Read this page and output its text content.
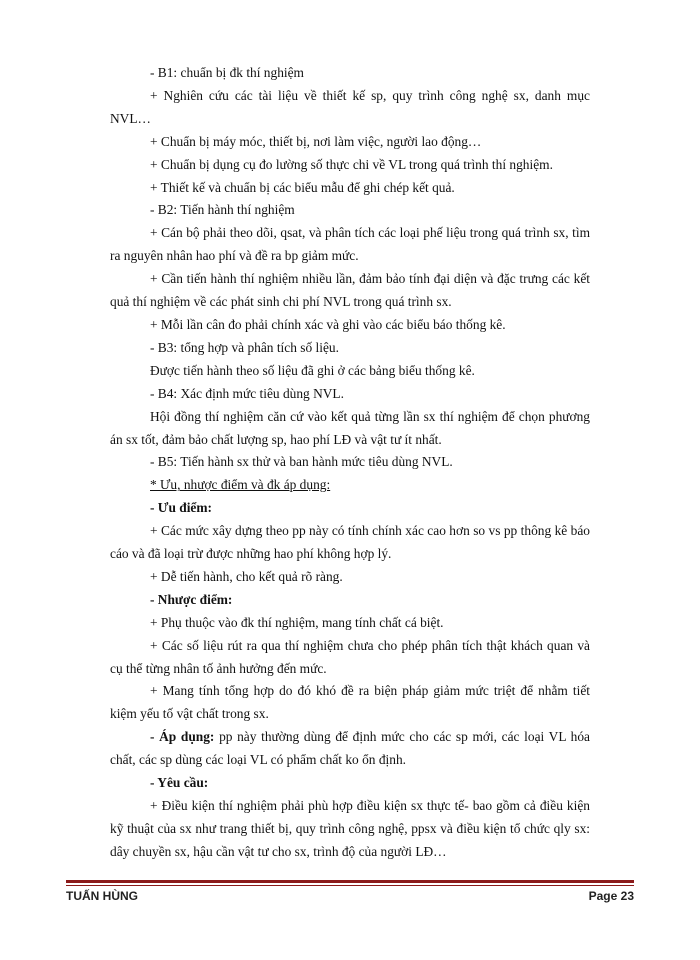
- B1: chuẩn bị đk thí nghiệm

+ Nghiên cứu các tài liệu về thiết kế sp, quy trình công nghệ sx, danh mục NVL…

+ Chuẩn bị máy móc, thiết bị, nơi làm việc, người lao động…

+ Chuẩn bị dụng cụ đo lường số thực chi về VL trong quá trình thí nghiệm.

+ Thiết kế và chuẩn bị các biểu mẫu để ghi chép kết quả.

- B2: Tiến hành thí nghiệm

+ Cán bộ phải theo dõi, qsat, và phân tích các loại phế liệu trong quá trình sx, tìm ra nguyên nhân hao phí và đề ra bp giảm mức.

+ Cần tiến hành thí nghiệm nhiều lần, đảm bảo tính đại diện và đặc trưng các kết quả thí nghiệm về các phát sinh chi phí NVL trong quá trình sx.

+ Mỗi lần cân đo phải chính xác và ghi vào các biểu báo thống kê.

- B3: tổng hợp và phân tích số liệu.

Được tiến hành theo số liệu đã ghi ở các bảng biểu thống kê.

- B4: Xác định mức tiêu dùng NVL.

Hội đồng thí nghiệm căn cứ vào kết quả từng lần sx thí nghiệm để chọn phương án sx tốt, đảm bảo chất lượng sp, hao phí LĐ và vật tư ít nhất.

- B5: Tiến hành sx thử và ban hành mức tiêu dùng NVL.

* Ưu, nhược điểm và đk áp dụng:

- Ưu điểm:

+ Các mức xây dựng theo pp này có tính chính xác cao hơn so vs pp thông kê báo cáo và đã loại trừ được những hao phí không hợp lý.

+ Dễ tiến hành, cho kết quả rõ ràng.

- Nhược điểm:

+ Phụ thuộc vào đk thí nghiệm, mang tính chất cá biệt.

+ Các số liệu rút ra qua thí nghiệm chưa cho phép phân tích thật khách quan và cụ thể từng nhân tố ảnh hưởng đến mức.

+ Mang tính tổng hợp do đó khó đề ra biện pháp giảm mức triệt để nhằm tiết kiệm yếu tố vật chất trong sx.

- Áp dụng: pp này thường dùng để định mức cho các sp mới, các loại VL hóa chất, các sp dùng các loại VL có phẩm chất ko ổn định.

- Yêu cầu:

+ Điều kiện thí nghiệm phải phù hợp điều kiện sx thực tế- bao gồm cả điều kiện kỹ thuật của sx như trang thiết bị, quy trình công nghệ, ppsx và điều kiện tổ chức qly sx: dây chuyền sx, hậu cần vật tư cho sx, trình độ của người LĐ…

TUẤN HÙNG	Page 23
